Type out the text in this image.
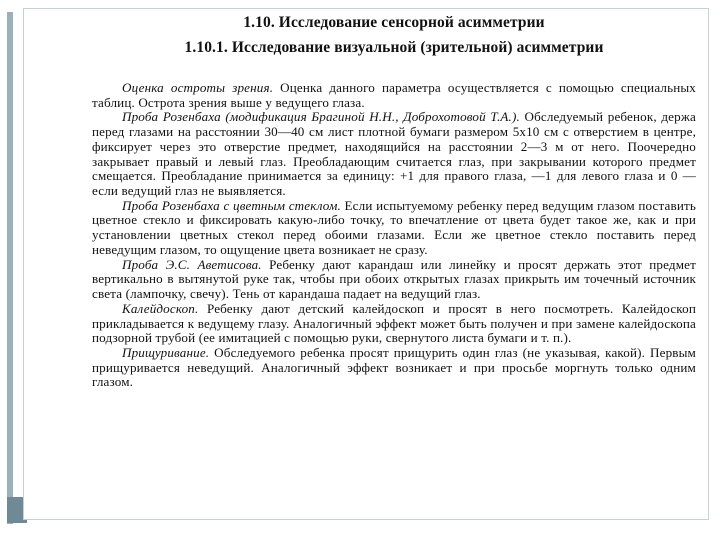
1.10. Исследование сенсорной асимметрии
1.10.1. Исследование визуальной (зрительной) асимметрии

Оценка остроты зрения. Оценка данного параметра осуществляется с помощью специальных таблиц. Острота зрения выше у ведущего глаза.

Проба Розенбаха (модификация Брагиной Н.Н., Доброхотовой Т.А.). Обследуемый ребенок, держа перед глазами на расстоянии 30—40 см лист плотной бумаги размером 5x10 см с отверстием в центре, фиксирует через это отверстие предмет, находящийся на расстоянии 2—3 м от него. Поочередно закрывает правый и левый глаз. Преобладающим считается глаз, при закрывании которого предмет смещается. Преобладание принимается за единицу: +1 для правого глаза, —1 для левого глаза и 0 — если ведущий глаз не выявляется.

Проба Розенбаха с цветным стеклом. Если испытуемому ребенку перед ведущим глазом поставить цветное стекло и фиксировать какую-либо точку, то впечатление от цвета будет такое же, как и при установлении цветных стекол перед обоими глазами. Если же цветное стекло поставить перед неведущим глазом, то ощущение цвета возникает не сразу.

Проба Э.С. Аветисова. Ребенку дают карандаш или линейку и просят держать этот предмет вертикально в вытянутой руке так, чтобы при обоих открытых глазах прикрыть им точечный источник света (лампочку, свечу). Тень от карандаша падает на ведущий глаз.

Калейдоскоп. Ребенку дают детский калейдоскоп и просят в него посмотреть. Калейдоскоп прикладывается к ведущему глазу. Аналогичный эффект может быть получен и при замене калейдоскопа подзорной трубой (ее имитацией с помощью руки, свернутого листа бумаги и т. п.).

Прищуривание. Обследуемого ребенка просят прищурить один глаз (не указывая, какой). Первым прищуривается неведущий. Аналогичный эффект возникает и при просьбе моргнуть только одним глазом.
